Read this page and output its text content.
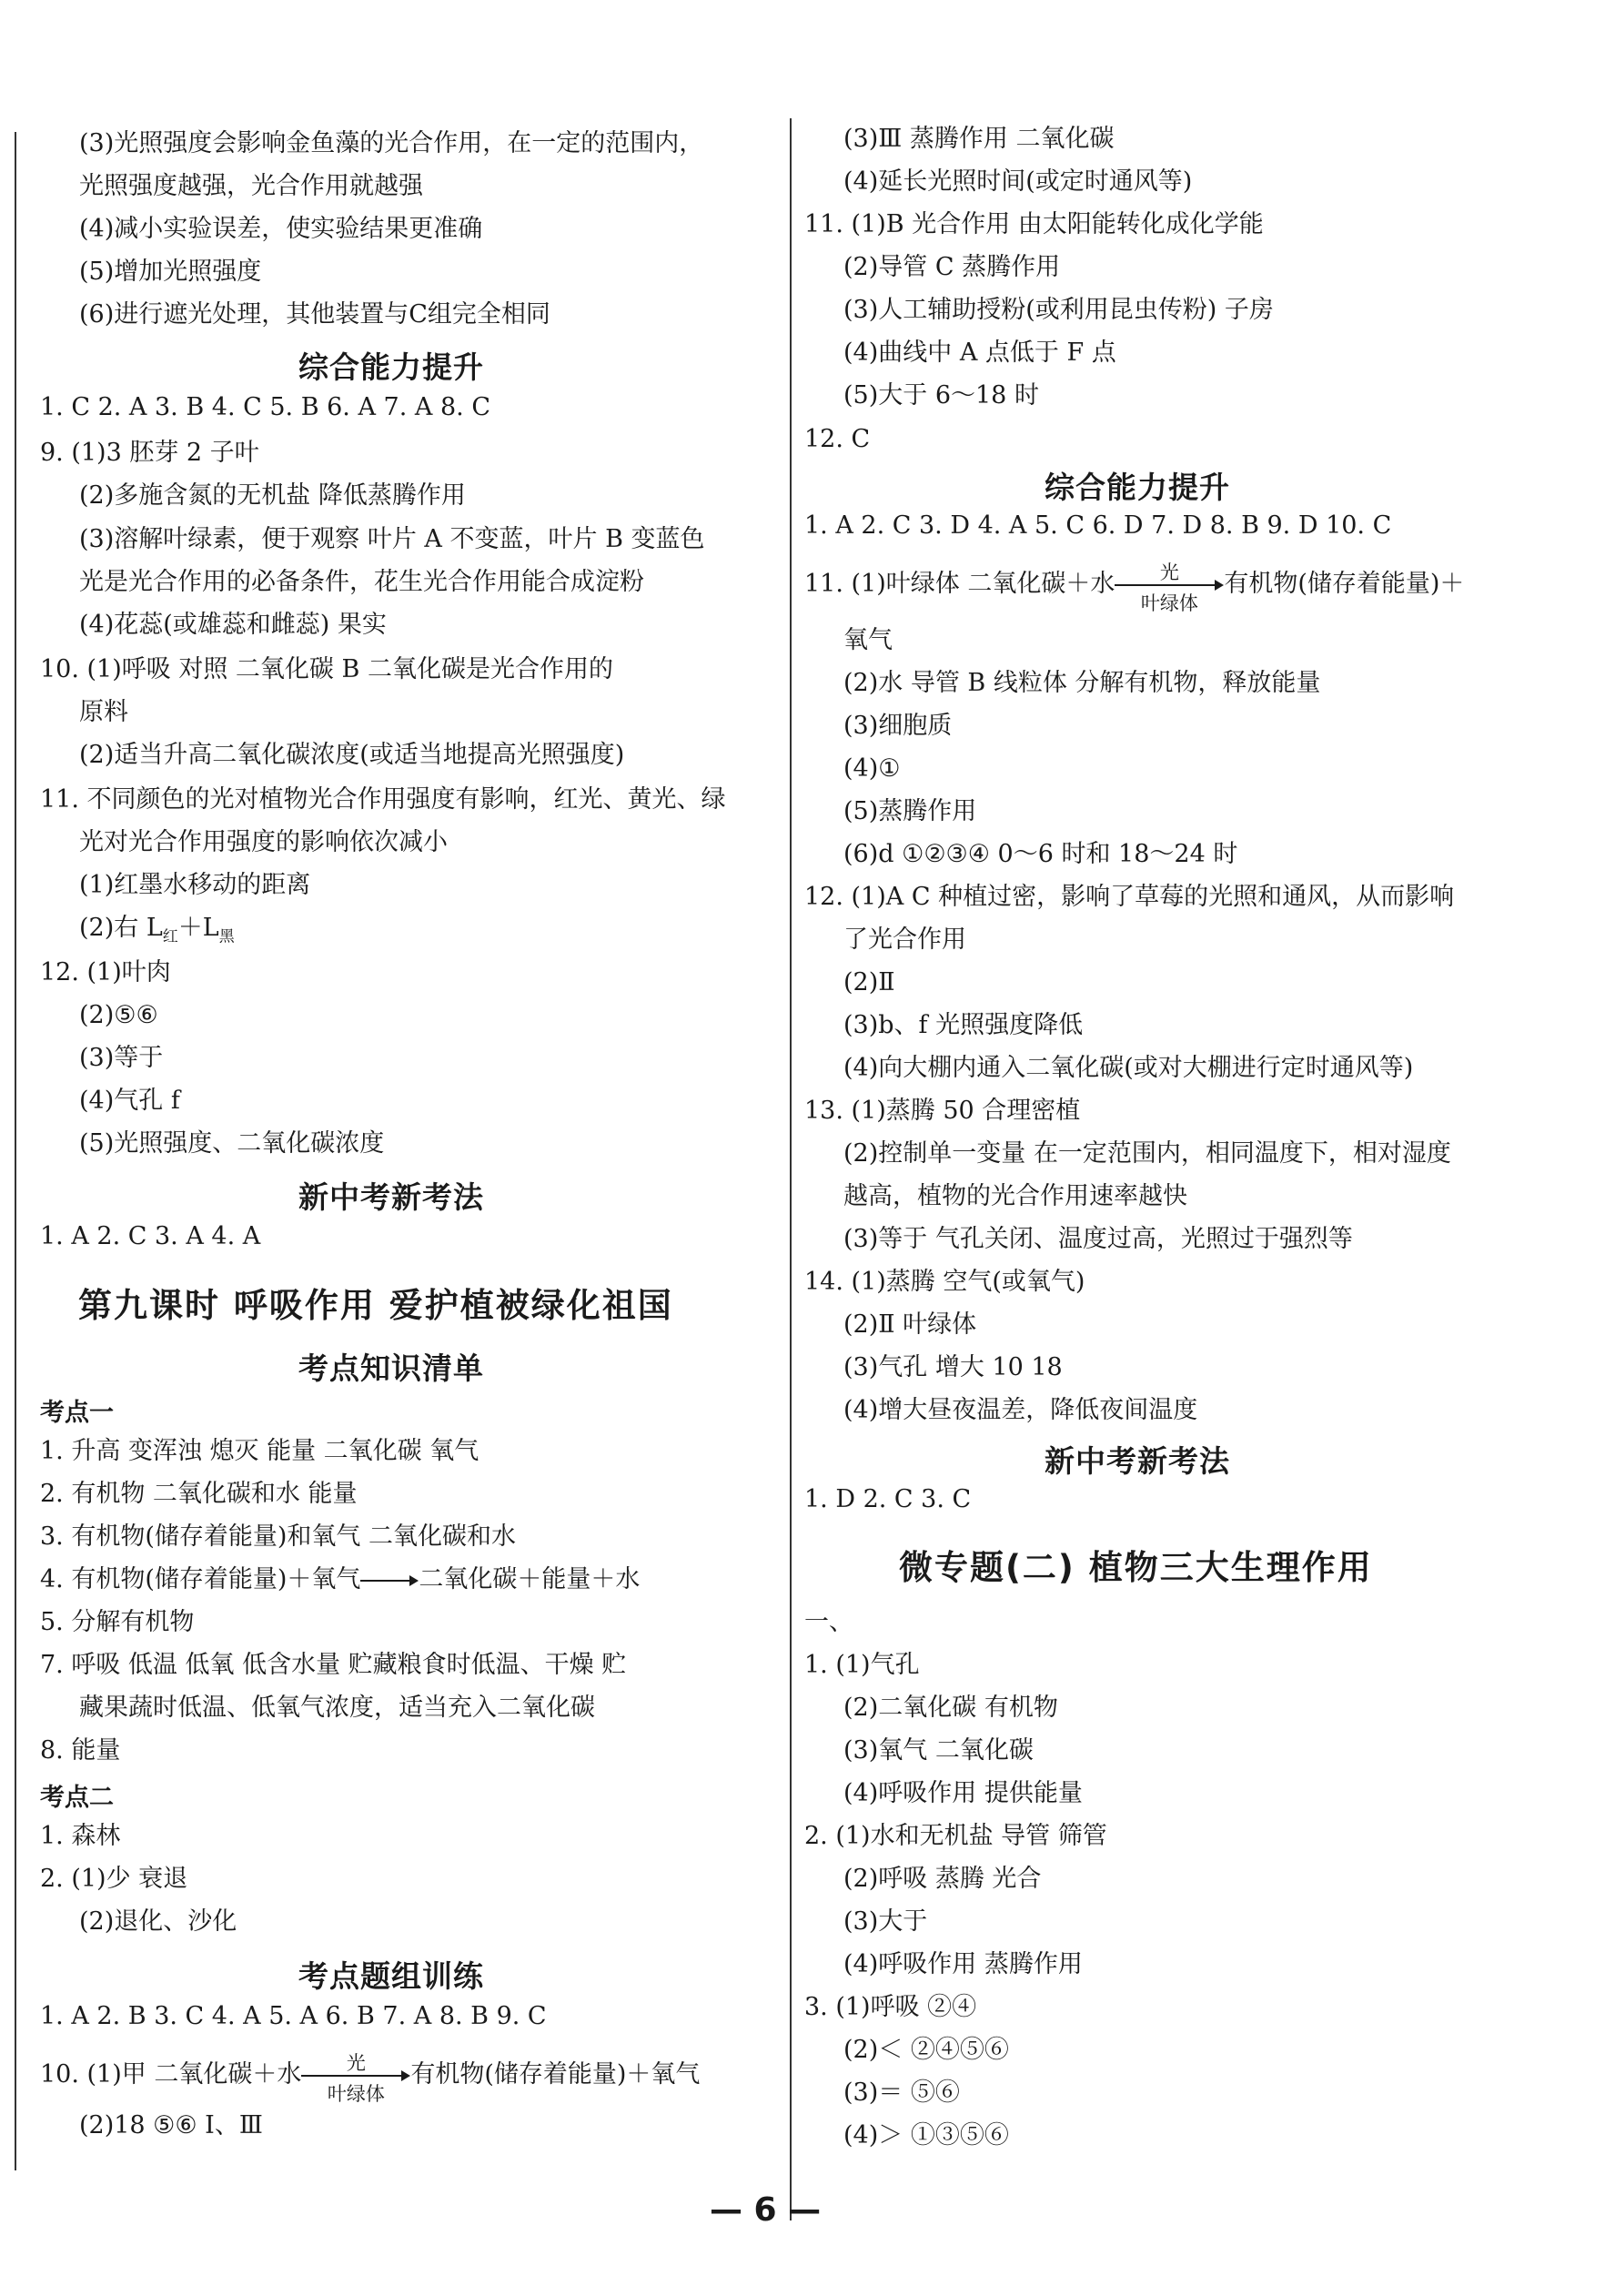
(3)光照强度会影响金鱼藻的光合作用，在一定的范围内，
光照强度越强，光合作用就越强
(4)减小实验误差，使实验结果更准确
(5)增加光照强度
(6)进行遮光处理，其他装置与C组完全相同
综合能力提升
1. C 2. A 3. B 4. C 5. B 6. A 7. A 8. C
9. (1)3 胚芽 2 子叶
(2)多施含氮的无机盐 降低蒸腾作用
(3)溶解叶绿素，便于观察 叶片 A 不变蓝，叶片 B 变蓝色
光是光合作用的必备条件，花生光合作用能合成淀粉
(4)花蕊(或雄蕊和雌蕊) 果实
10. (1)呼吸 对照 二氧化碳 B 二氧化碳是光合作用的
原料
(2)适当升高二氧化碳浓度(或适当地提高光照强度)
11. 不同颜色的光对植物光合作用强度有影响，红光、黄光、绿
光对光合作用强度的影响依次减小
(1)红墨水移动的距离
(2)右 $L_红+L_黑$
12. (1)叶肉
(2)⑤⑥
(3)等于
(4)气孔 f
(5)光照强度、二氧化碳浓度
新中考新考法
1. A 2. C 3. A 4. A
第九课时 呼吸作用 爱护植被绿化祖国
考点知识清单
考点一
1. 升高 变浑浊 熄灭 能量 二氧化碳 氧气
2. 有机物 二氧化碳和水 能量
3. 有机物(储存着能量)和氧气 二氧化碳和水
4. 有机物(储存着能量)＋氧气 二氧化碳＋能量＋水
5. 分解有机物
7. 呼吸 低温 低氧 低含水量 贮藏粮食时低温、干燥 贮
藏果蔬时低温、低氧气浓度，适当充入二氧化碳
8. 能量
考点二
1. 森林
2. (1)少 衰退
(2)退化、沙化
考点题组训练
1. A 2. B 3. C 4. A 5. A 6. B 7. A 8. B 9. C
10. (1)甲 二氧化碳＋水	光
叶绿体
有机物(储存着能量)＋氧气
(2)18 ⑤⑥ Ⅰ、Ⅲ
(3)Ⅲ 蒸腾作用 二氧化碳
(4)延长光照时间(或定时通风等)
11. (1)B 光合作用 由太阳能转化成化学能
(2)导管 C 蒸腾作用
(3)人工辅助授粉(或利用昆虫传粉) 子房
(4)曲线中 A 点低于 F 点
(5)大于 6～18 时
12. C
综合能力提升
1. A 2. C 3. D 4. A 5. C 6. D 7. D 8. B 9. D 10. C
11. (1)叶绿体 二氧化碳＋水	光
叶绿体
有机物(储存着能量)＋
氧气
(2)水 导管 B 线粒体 分解有机物，释放能量
(3)细胞质
(4)①
(5)蒸腾作用
(6)d ①②③④ 0～6 时和 18～24 时
12. (1)A C 种植过密，影响了草莓的光照和通风，从而影响
了光合作用
(2)Ⅱ
(3)b、f 光照强度降低
(4)向大棚内通入二氧化碳(或对大棚进行定时通风等)
13. (1)蒸腾 50 合理密植
(2)控制单一变量 在一定范围内，相同温度下，相对湿度
越高，植物的光合作用速率越快
(3)等于 气孔关闭、温度过高，光照过于强烈等
14. (1)蒸腾 空气(或氧气)
(2)Ⅱ 叶绿体
(3)气孔 增大 10 18
(4)增大昼夜温差，降低夜间温度
新中考新考法
1. D 2. C 3. C
微专题(二) 植物三大生理作用
一、
1. (1)气孔
(2)二氧化碳 有机物
(3)氧气 二氧化碳
(4)呼吸作用 提供能量
2. (1)水和无机盐 导管 筛管
(2)呼吸 蒸腾 光合
(3)大于
(4)呼吸作用 蒸腾作用
3. (1)呼吸 ②④
(2)＜ ②④⑤⑥
(3)＝ ⑤⑥
(4)＞ ①③⑤⑥
— 6 —
